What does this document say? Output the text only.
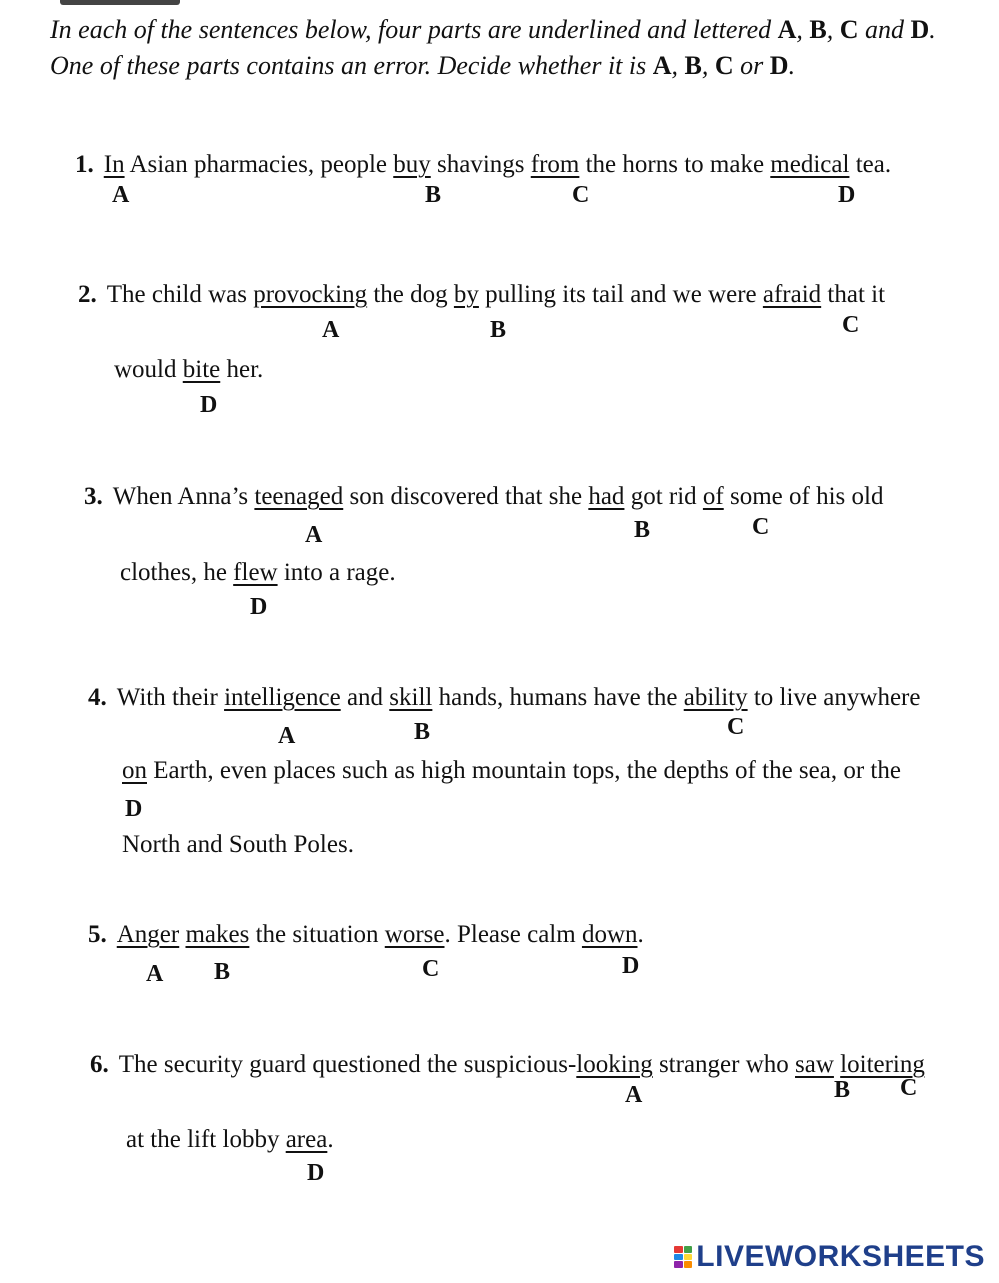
In each of the sentences below, four parts are underlined and lettered A, B, C and D.
One of these parts contains an error. Decide whether it is A, B, C or D.
1. In Asian pharmacies, people buy shavings from the horns to make medical tea.
A	B	C	D
2. The child was provocking the dog by pulling its tail and we were afraid that it
would bite her.
A	B	C
D
3. When Anna’s teenaged son discovered that she had got rid of some of his old
clothes, he flew into a rage.
A	B	C
D
4. With their intelligence and skill hands, humans have the ability to live anywhere
on Earth, even places such as high mountain tops, the depths of the sea, or the
North and South Poles.
A	B	C
D
5. Anger makes the situation worse. Please calm down.
A B	C	D
6. The security guard questioned the suspicious-looking stranger who saw loitering
at the lift lobby area.
A	B C
D
LIVEWORKSHEETS
